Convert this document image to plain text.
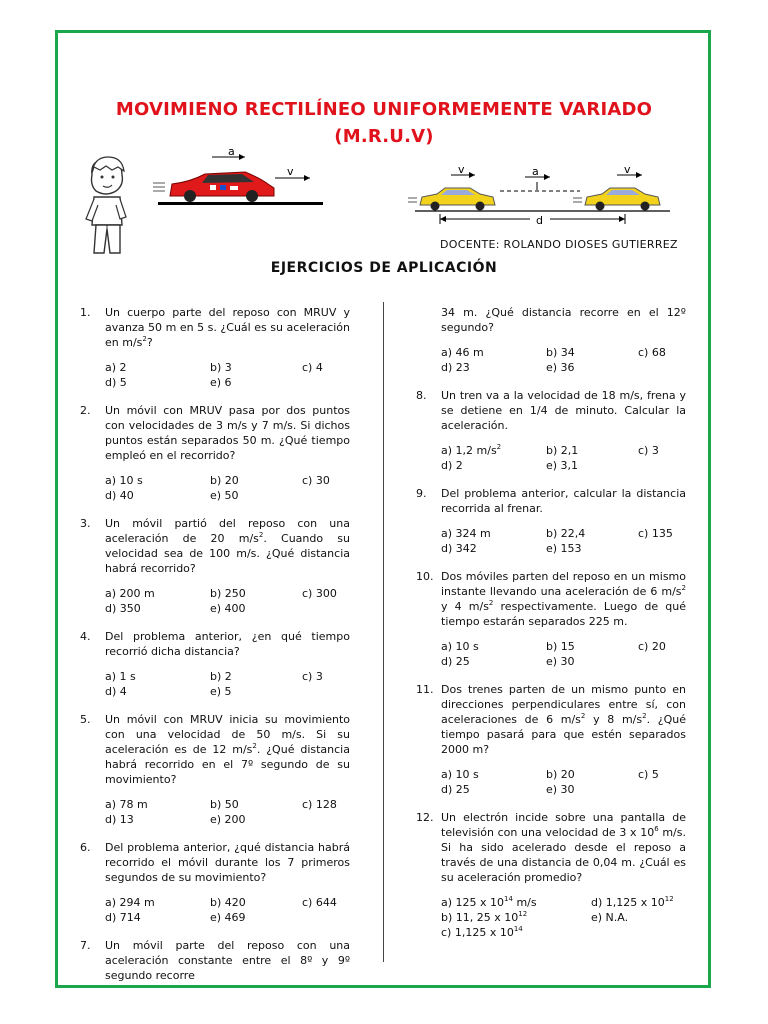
MOVIMIENO RECTILÍNEO UNIFORMEMENTE VARIADO
(M.R.U.V)
a
v	v	a	v
d
DOCENTE: ROLANDO DIOSES GUTIERREZ
EJERCICIOS DE APLICACIÓN
1.	Un cuerpo parte del reposo con MRUV y avanza 50 m en 5 s. ¿Cuál es su aceleración en $m/s^2$?
a) 2	b) 3	c) 4
d) 5	e) 6
2.	Un móvil con MRUV pasa por dos puntos con velocidades de 3 m/s y 7 m/s. Si dichos puntos están separados 50 m. ¿Qué tiempo empleó en el recorrido?
a) 10 s	b) 20	c) 30
d) 40	e) 50
3.	Un móvil partió del reposo con una aceleración de 20 $m/s^2$. Cuando su velocidad sea de 100 m/s. ¿Qué distancia habrá recorrido?
a) 200 m	b) 250	c) 300
d) 350	e) 400
4.	Del problema anterior, ¿en qué tiempo recorrió dicha distancia?
a) 1 s	b) 2	c) 3
d) 4	e) 5
5.	Un móvil con MRUV inicia su movimiento con una velocidad de 50 m/s. Si su aceleración es de 12 $m/s^2$. ¿Qué distancia habrá recorrido en el 7º segundo de su movimiento?
a) 78 m	b) 50	c) 128
d) 13	e) 200
6.	Del problema anterior, ¿qué distancia habrá recorrido el móvil durante los 7 primeros segundos de su movimiento?
a) 294 m	b) 420	c) 644
d) 714	e) 469
7.	Un móvil parte del reposo con una aceleración constante entre el 8º y 9º segundo recorre
34 m. ¿Qué distancia recorre en el 12º segundo?
a) 46 m	b) 34	c) 68
d) 23	e) 36
8.	Un tren va a la velocidad de 18 m/s, frena y se detiene en 1/4 de minuto. Calcular la aceleración.
a) 1,2 $m/s^2$	b) 2,1	c) 3
d) 2	e) 3,1
9.	Del problema anterior, calcular la distancia recorrida al frenar.
a) 324 m	b) 22,4	c) 135
d) 342	e) 153
10. Dos móviles parten del reposo en un mismo instante llevando una aceleración de 6 $m/s^2$ y 4 $m/s^2$ respectivamente. Luego de qué tiempo estarán separados 225 m.
a) 10 s	b) 15	c) 20
d) 25	e) 30
11. Dos trenes parten de un mismo punto en direcciones perpendiculares entre sí, con aceleraciones de 6 $m/s^2$ y 8 $m/s^2$. ¿Qué tiempo pasará para que estén separados 2000 m?
a) 10 s	b) 20	c) 5
d) 25	e) 30
12. Un electrón incide sobre una pantalla de televisión con una velocidad de 3 x $10^6$ m/s. Si ha sido acelerado desde el reposo a través de una distancia de 0,04 m. ¿Cuál es su aceleración promedio?
a) 125 x $10^{14}$ m/s	d) 1,125 x $10^{12}$
b) 11, 25 x $10^{12}$	e) N.A.
c) 1,125 x $10^{14}$
